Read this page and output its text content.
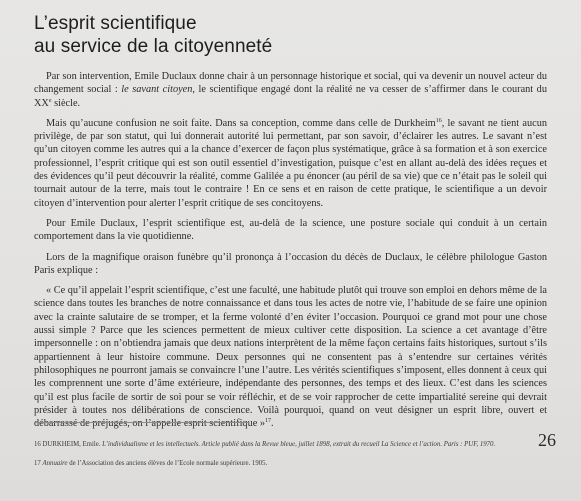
L’esprit scientifique
au service de la citoyenneté

Par son intervention, Emile Duclaux donne chair à un personnage historique et social, qui va devenir un nouvel acteur du changement social : le savant citoyen, le scientifique engagé dont la réalité ne va cesser de s’affirmer dans le courant du XXe siècle.

Mais qu’aucune confusion ne soit faite. Dans sa conception, comme dans celle de Durkheim$^{16}$, le savant ne tient aucun privilège, de par son statut, qui lui donnerait autorité lui permettant, par son savoir, d’éclairer les autres. Le savant n’est qu’un citoyen comme les autres qui a la chance d’exercer de façon plus systématique, grâce à sa formation et à son exercice professionnel, l’esprit critique qui est son outil essentiel d’investigation, puisque c’est en allant au-delà des idées reçues et des évidences qu’il peut découvrir la réalité, comme Galilée a pu énoncer (au péril de sa vie) que ce n’était pas le soleil qui tournait autour de la terre, mais tout le contraire ! En ce sens et en raison de cette pratique, le scientifique a un devoir citoyen d’intervention pour alerter l’esprit critique de ses concitoyens.

Pour Emile Duclaux, l’esprit scientifique est, au-delà de la science, une posture sociale qui conduit à un certain comportement dans la vie quotidienne.

Lors de la magnifique oraison funèbre qu’il prononça à l’occasion du décès de Duclaux, le célèbre philologue Gaston Paris explique :

« Ce qu’il appelait l’esprit scientifique, c’est une faculté, une habitude plutôt qui trouve son emploi en dehors même de la science dans toutes les branches de notre connaissance et dans tous les actes de notre vie, l’habitude de se faire une opinion avec la crainte salutaire de se tromper, et la ferme volonté d’en éviter l’occasion. Pourquoi ce grand mot pour une chose aussi simple ? Parce que les sciences permettent de mieux cultiver cette disposition. La science a cet avantage d’être impersonnelle : on n’obtiendra jamais que deux nations interprètent de la même façon certains faits historiques, surtout s’ils appartiennent à leur histoire commune. Deux personnes qui ne consentent pas à s’entendre sur certaines vérités philosophiques ne pourront jamais se convaincre l’une l’autre. Les vérités scientifiques s’imposent, elles donnent à ceux qui les comprennent une sorte d’âme extérieure, indépendante des personnes, des temps et des lieux. C’est dans les sciences qu’il est plus facile de sortir de soi pour se voir réfléchir, et de se voir rapprocher de cette impartialité sereine qui devrait présider à toutes nos délibérations de conscience. Voilà pourquoi, quand on veut désigner un esprit libre, ouvert et débarrassé de préjugés, on l’appelle esprit scientifique »$^{17}$.

16 DURKHEIM, Emile. L’individualisme et les intellectuels. Article publié dans la Revue bleue, juillet 1898, extrait du recueil La Science et l’action. Paris : PUF, 1970.
17 Annuaire de l’Association des anciens élèves de l’Ecole normale supérieure. 1905.
26
